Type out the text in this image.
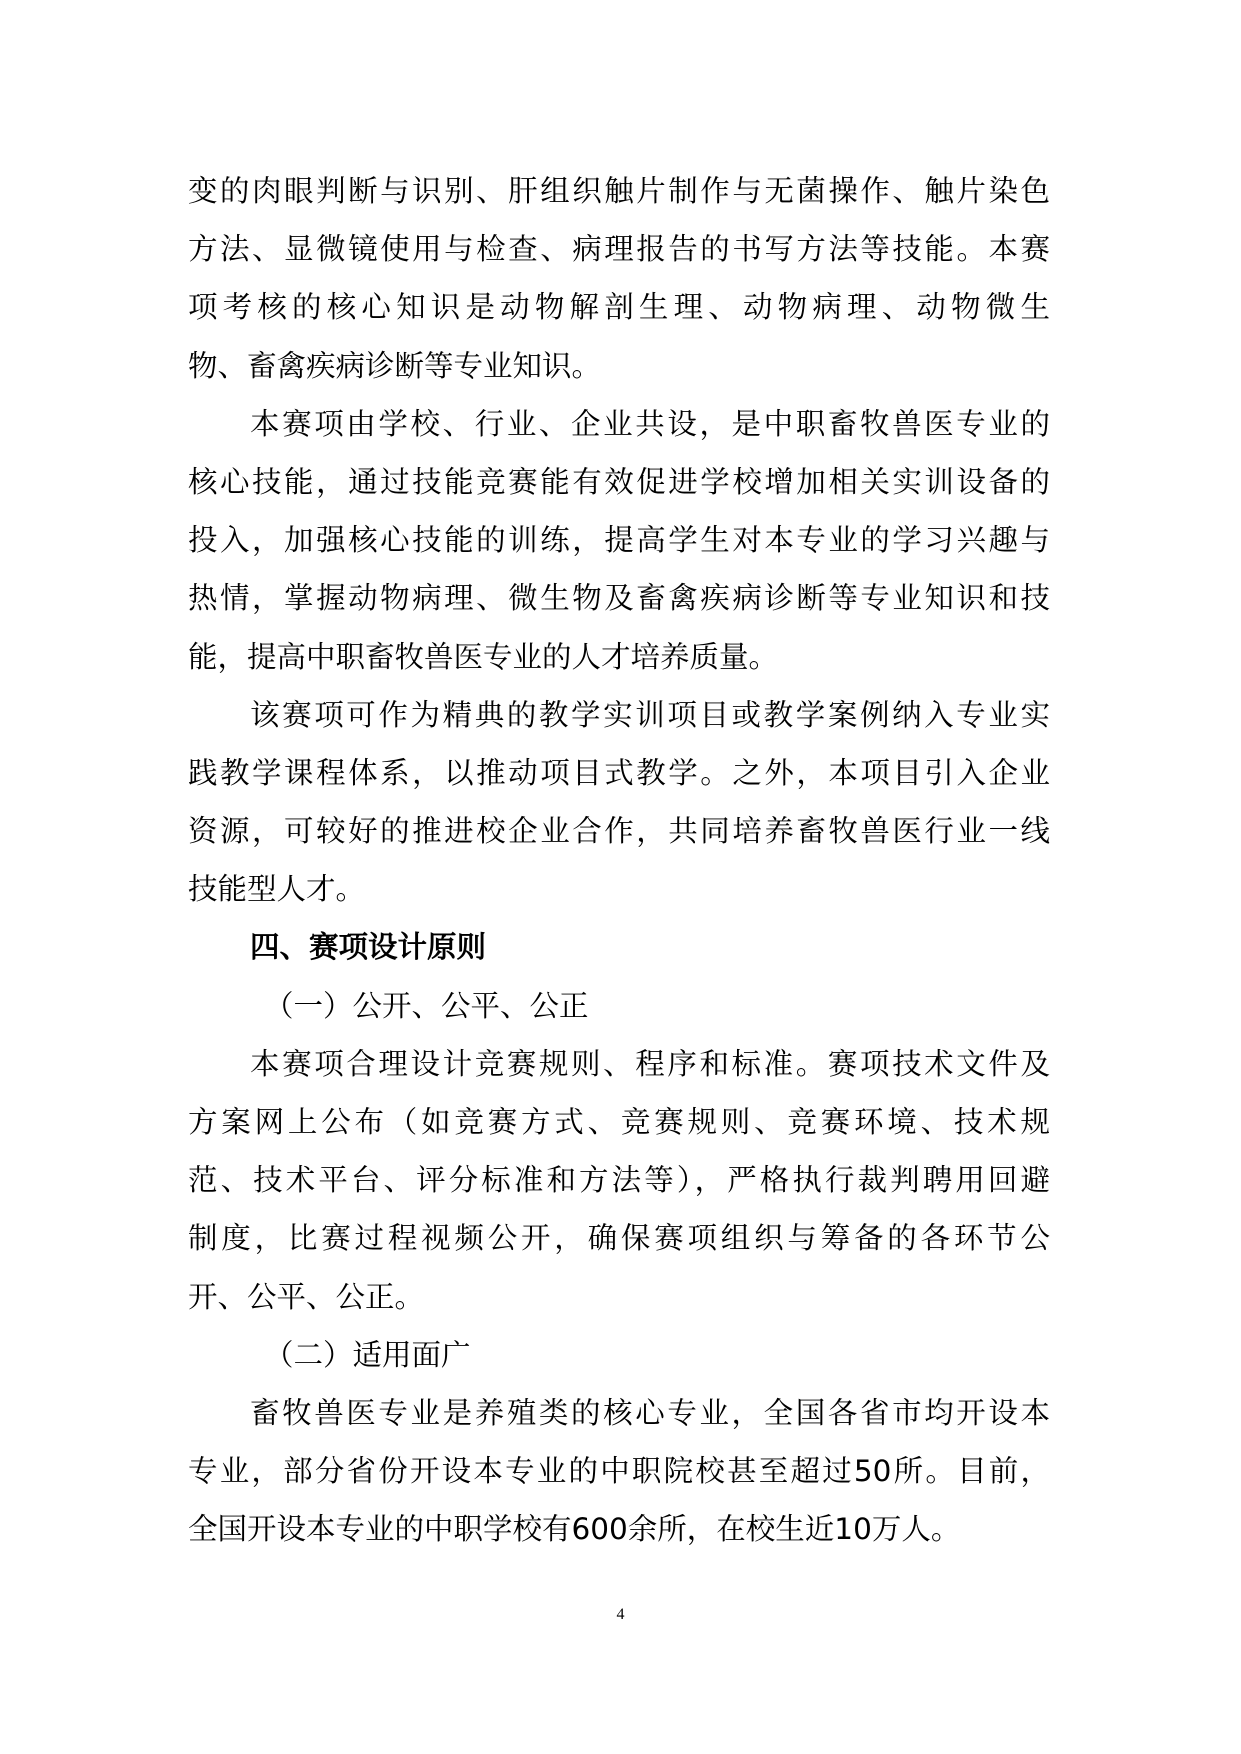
变的肉眼判断与识别、肝组织触片制作与无菌操作、触片染色
方法、显微镜使用与检查、病理报告的书写方法等技能。本赛
项考核的核心知识是动物解剖生理、动物病理、动物微生
物、畜禽疾病诊断等专业知识。
本赛项由学校、行业、企业共设，是中职畜牧兽医专业的
核心技能，通过技能竞赛能有效促进学校增加相关实训设备的
投入，加强核心技能的训练，提高学生对本专业的学习兴趣与
热情，掌握动物病理、微生物及畜禽疾病诊断等专业知识和技
能，提高中职畜牧兽医专业的人才培养质量。
该赛项可作为精典的教学实训项目或教学案例纳入专业实
践教学课程体系，以推动项目式教学。之外，本项目引入企业
资源，可较好的推进校企业合作，共同培养畜牧兽医行业一线
技能型人才。
四、赛项设计原则
（一）公开、公平、公正
本赛项合理设计竞赛规则、程序和标准。赛项技术文件及
方案网上公布（如竞赛方式、竞赛规则、竞赛环境、技术规
范、技术平台、评分标准和方法等），严格执行裁判聘用回避
制度，比赛过程视频公开，确保赛项组织与筹备的各环节公
开、公平、公正。
（二）适用面广
畜牧兽医专业是养殖类的核心专业，全国各省市均开设本
专业，部分省份开设本专业的中职院校甚至超过50所。目前，
全国开设本专业的中职学校有600余所，在校生近10万人。
4
